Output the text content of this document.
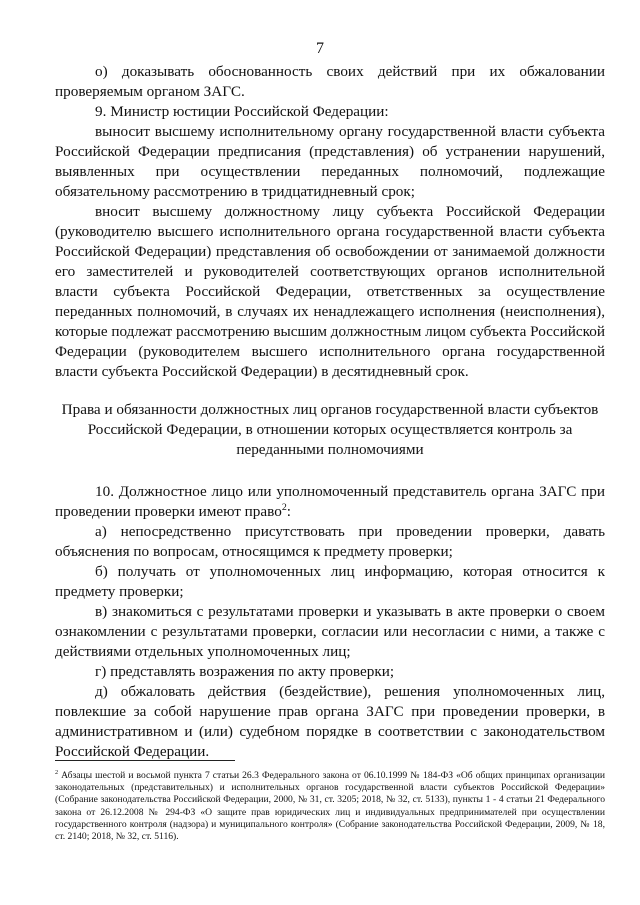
7

о) доказывать обоснованность своих действий при их обжаловании проверяемым органом ЗАГС.

9. Министр юстиции Российской Федерации:

выносит высшему исполнительному органу государственной власти субъекта Российской Федерации предписания (представления) об устранении нарушений, выявленных при осуществлении переданных полномочий, подлежащие обязательному рассмотрению в тридцатидневный срок;

вносит высшему должностному лицу субъекта Российской Федерации (руководителю высшего исполнительного органа государственной власти субъекта Российской Федерации) представления об освобождении от занимаемой должности его заместителей и руководителей соответствующих органов исполнительной власти субъекта Российской Федерации, ответственных за осуществление переданных полномочий, в случаях их ненадлежащего исполнения (неисполнения), которые подлежат рассмотрению высшим должностным лицом субъекта Российской Федерации (руководителем высшего исполнительного органа государственной власти субъекта Российской Федерации) в десятидневный срок.

Права и обязанности должностных лиц органов государственной власти субъектов Российской Федерации, в отношении которых осуществляется контроль за переданными полномочиями

10. Должностное лицо или уполномоченный представитель органа ЗАГС при проведении проверки имеют право$^2$:

а) непосредственно присутствовать при проведении проверки, давать объяснения по вопросам, относящимся к предмету проверки;

б) получать от уполномоченных лиц информацию, которая относится к предмету проверки;

в) знакомиться с результатами проверки и указывать в акте проверки о своем ознакомлении с результатами проверки, согласии или несогласии с ними, а также с действиями отдельных уполномоченных лиц;

г) представлять возражения по акту проверки;

д) обжаловать действия (бездействие), решения уполномоченных лиц, повлекшие за собой нарушение прав органа ЗАГС при проведении проверки, в административном и (или) судебном порядке в соответствии с законодательством Российской Федерации.

$^2$ Абзацы шестой и восьмой пункта 7 статьи 26.3 Федерального закона от 06.10.1999 № 184-ФЗ «Об общих принципах организации законодательных (представительных) и исполнительных органов государственной власти субъектов Российской Федерации» (Собрание законодательства Российской Федерации, 2000, № 31, ст. 3205; 2018, № 32, ст. 5133), пункты 1 - 4 статьи 21 Федерального закона от 26.12.2008 № 294-ФЗ «О защите прав юридических лиц и индивидуальных предпринимателей при осуществлении государственного контроля (надзора) и муниципального контроля» (Собрание законодательства Российской Федерации, 2009, № 18, ст. 2140; 2018, № 32, ст. 5116).
